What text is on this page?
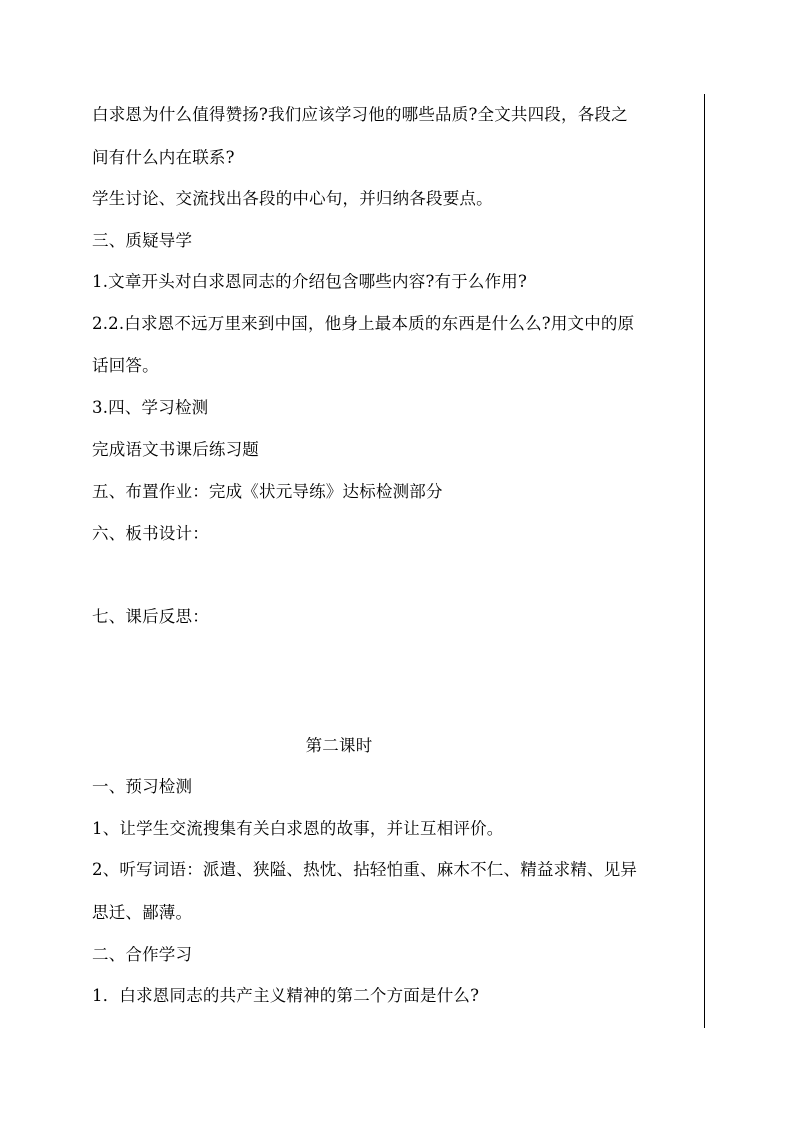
白求恩为什么值得赞扬?我们应该学习他的哪些品质?全文共四段，各段之
间有什么内在联系?
学生讨论、交流找出各段的中心句，并归纳各段要点。
三、质疑导学
1.文章开头对白求恩同志的介绍包含哪些内容?有于么作用?
2.2.白求恩不远万里来到中国，他身上最本质的东西是什么么?用文中的原
话回答。
3.四、学习检测
完成语文书课后练习题
五、布置作业：完成《状元导练》达标检测部分
六、板书设计：
七、课后反思：
第二课时
一、预习检测
1、让学生交流搜集有关白求恩的故事，并让互相评价。
2、听写词语：派遣、狭隘、热忱、拈轻怕重、麻木不仁、精益求精、见异
思迁、鄙薄。
二、合作学习
1．白求恩同志的共产主义精神的第二个方面是什么?
